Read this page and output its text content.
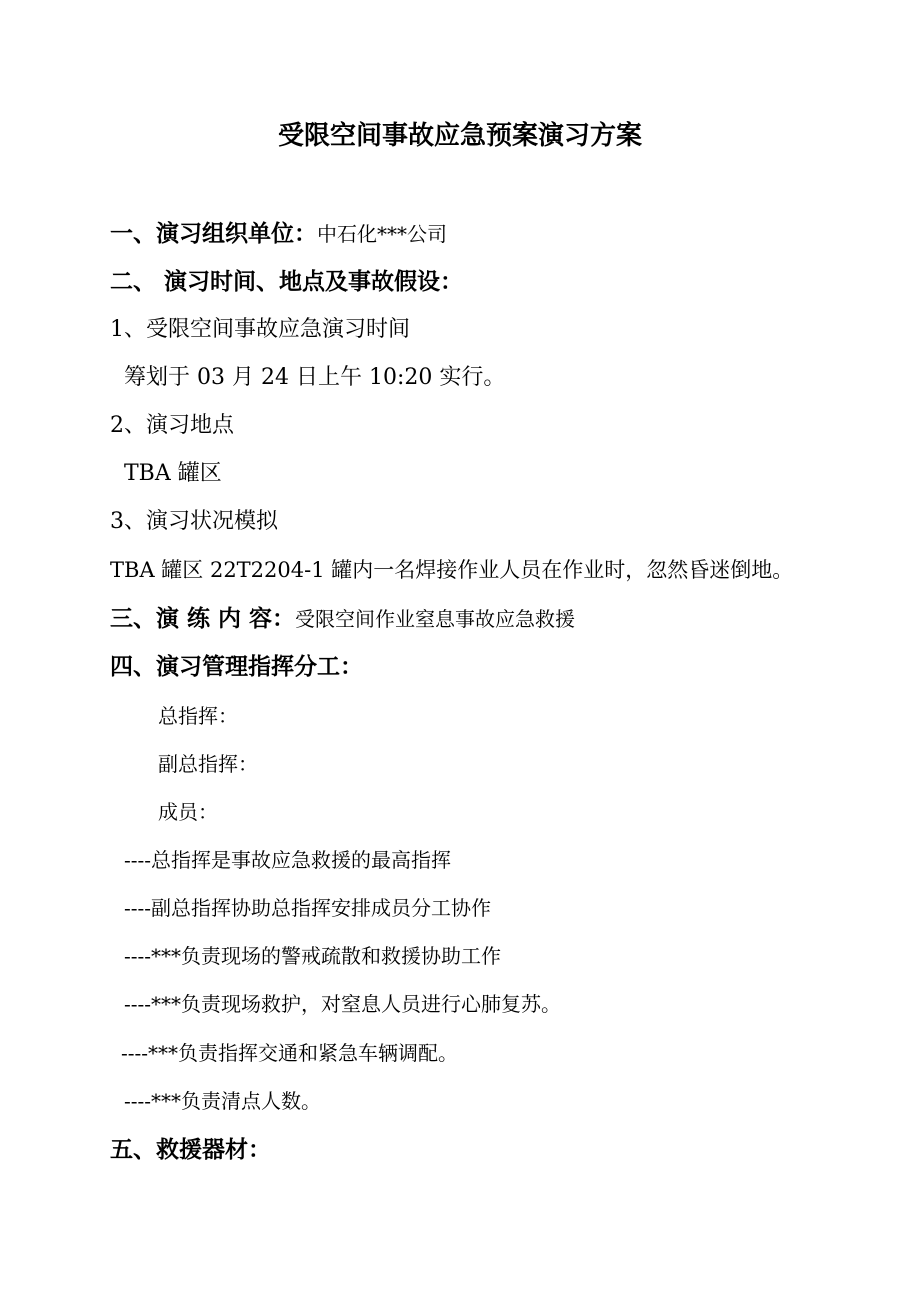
受限空间事故应急预案演习方案
一、演习组织单位：中石化***公司
二、 演习时间、地点及事故假设：
1、受限空间事故应急演习时间
筹划于 03 月 24 日上午 10:20 实行。
2、演习地点
TBA 罐区
3、演习状况模拟
TBA 罐区 22T2204-1 罐内一名焊接作业人员在作业时，忽然昏迷倒地。
三、演 练 内 容：受限空间作业窒息事故应急救援
四、演习管理指挥分工：
总指挥：
副总指挥：
成员：
----总指挥是事故应急救援的最高指挥
----副总指挥协助总指挥安排成员分工协作
----***负责现场的警戒疏散和救援协助工作
----***负责现场救护，对窒息人员进行心肺复苏。
----***负责指挥交通和紧急车辆调配。
----***负责清点人数。
五、救援器材：
